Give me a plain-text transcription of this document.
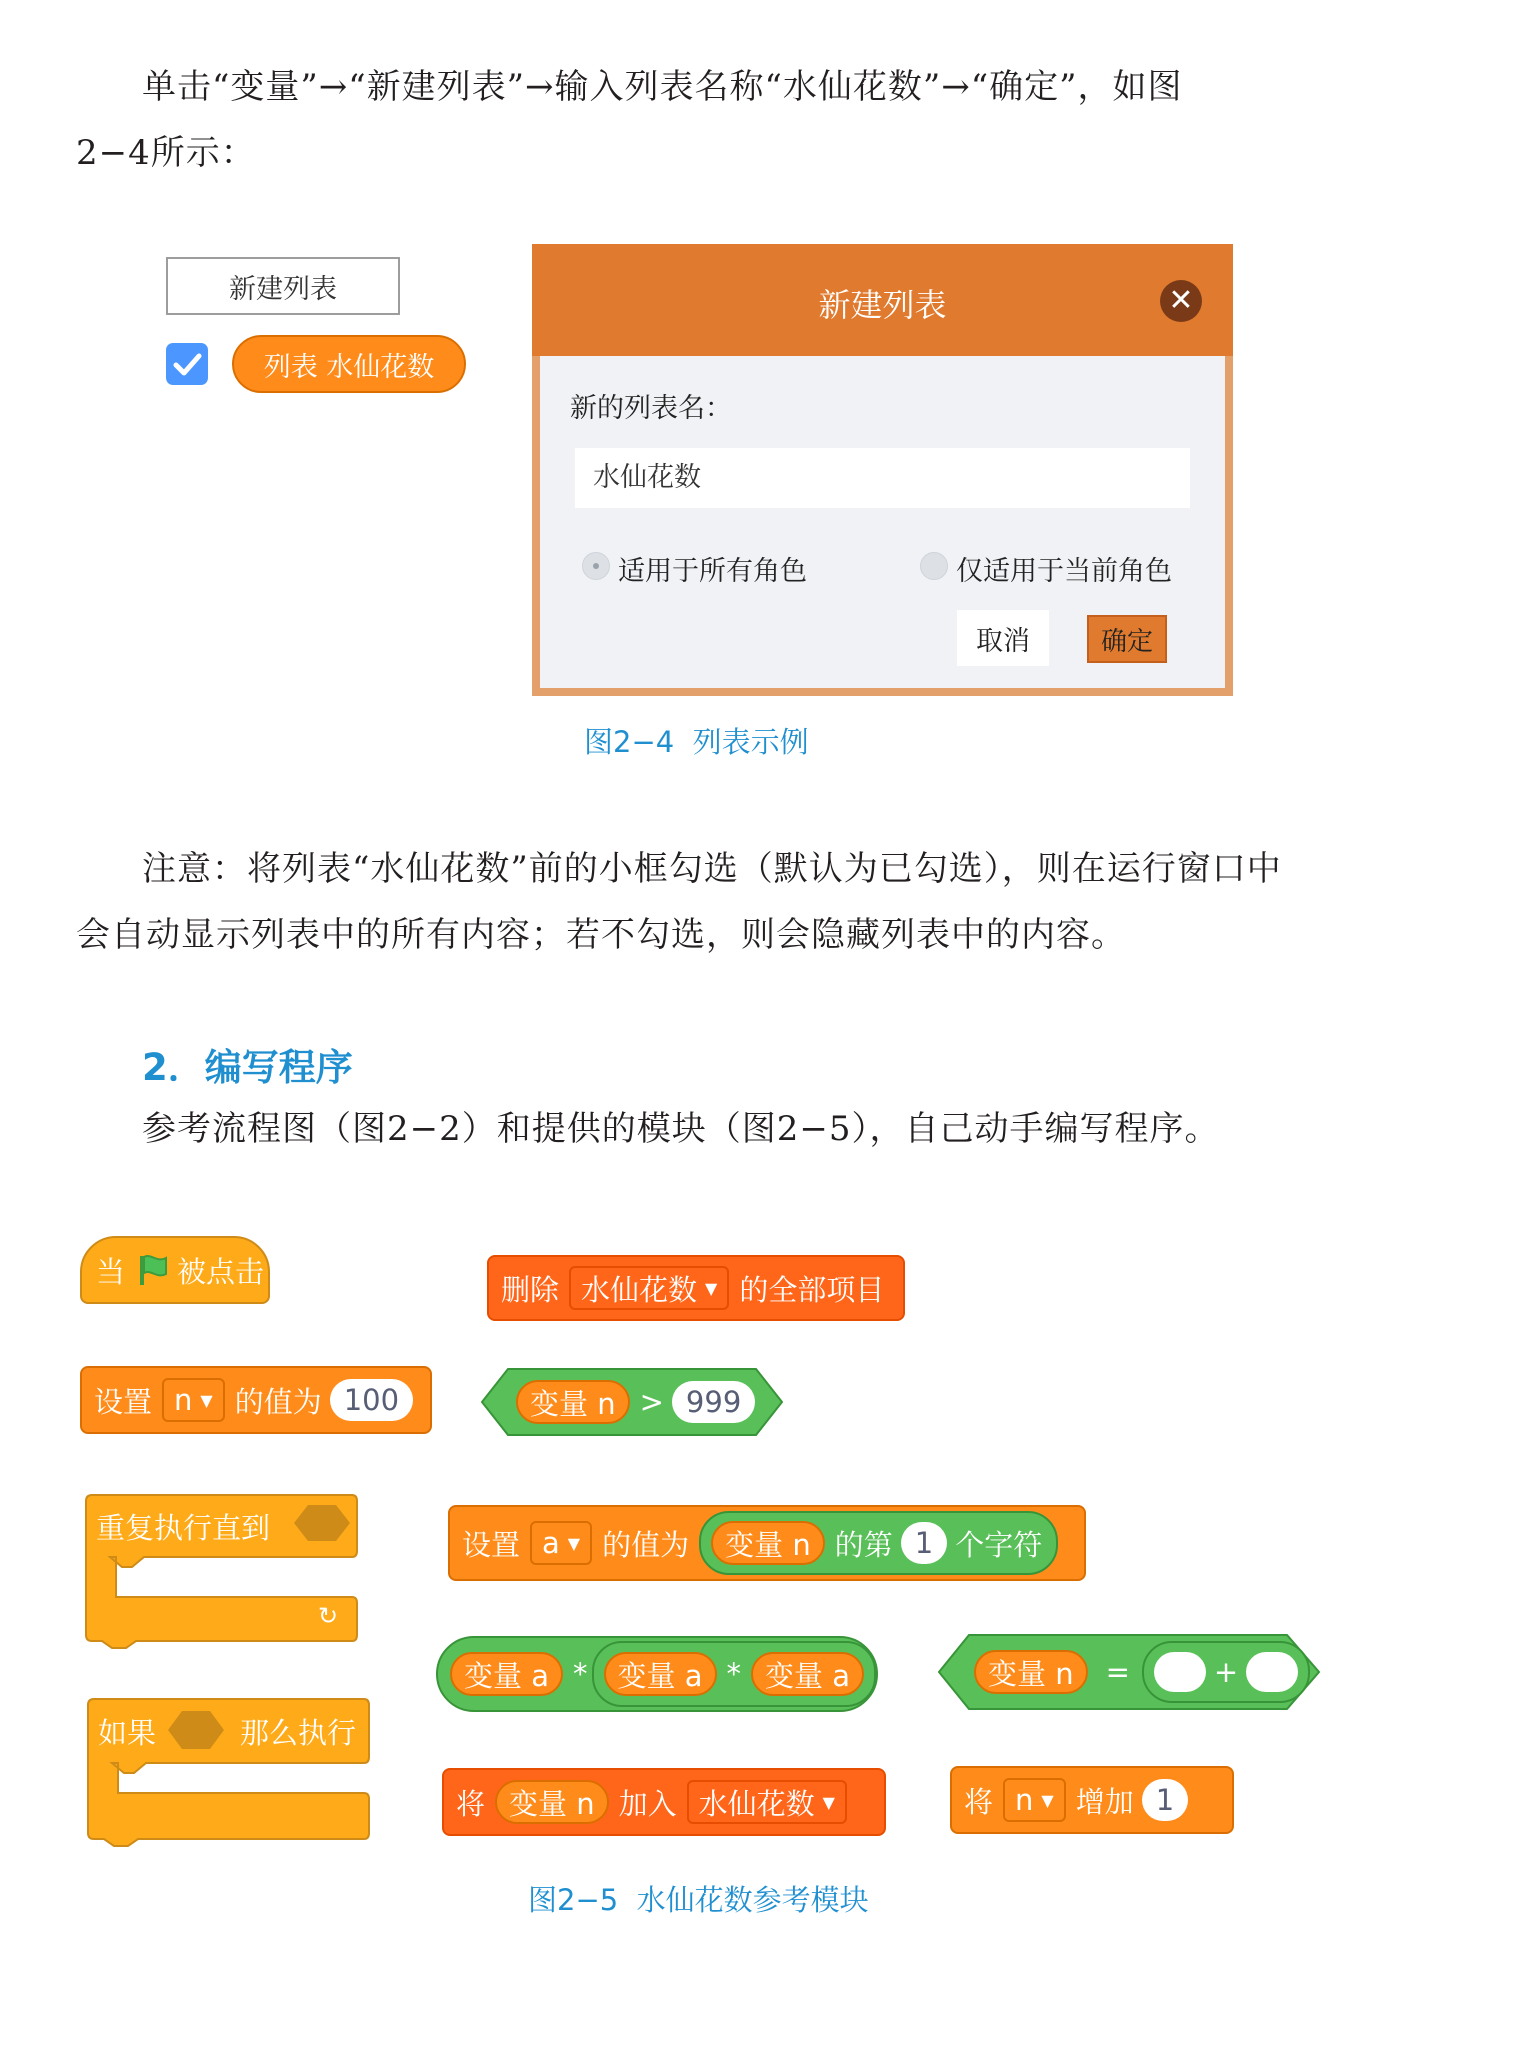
单击“变量”→“新建列表”→输入列表名称“水仙花数”→“确定”，如图
2−4所示：
新建列表
列表 水仙花数
新建列表	✕
新的列表名：
水仙花数
适用于所有角色	仅适用于当前角色
取消	确定
图2−4  列表示例
注意：将列表“水仙花数”前的小框勾选（默认为已勾选），则在运行窗口中
会自动显示列表中的所有内容；若不勾选，则会隐藏列表中的内容。
2．编写程序
参考流程图（图2−2）和提供的模块（图2−5），自己动手编写程序。
当 被点击
删除 水仙花数 ▼ 的全部项目
设置 n ▼ 的值为 100	变量 n > 999
重复执行直到
↻
设置 a ▼ 的值为	变量 n 的第 1 个字符
变量 a *	变量 a * 变量 a	变量 n	=	+
如果	那么执行
将 变量 n 加入 水仙花数 ▼	将 n ▼ 增加 1
图2−5  水仙花数参考模块
